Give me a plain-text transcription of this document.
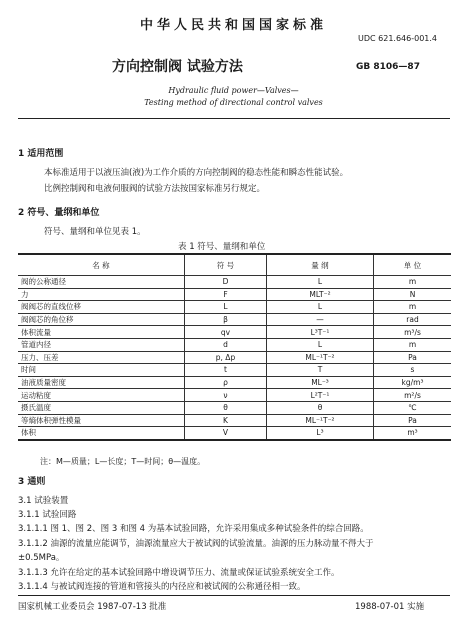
中华人民共和国国家标准
UDC 621.646-001.4
方向控制阀 试验方法	GB 8106—87
Hydraulic fluid power—Valves—
Testing method of directional control valves
1 适用范围
本标准适用于以液压油(液)为工作介质的方向控制阀的稳态性能和瞬态性能试验。
比例控制阀和电液伺服阀的试验方法按国家标准另行规定。
2 符号、量纲和单位
符号、量纲和单位见表 1。
表 1 符号、量纲和单位
名 称	符 号	量 纲	单 位
阀的公称通径	D	L	m
力	F	MLT⁻²	N
阀阀芯的直线位移	L	L	m
阀阀芯的角位移	β	—	rad
体积流量	qv	L³T⁻¹	m³/s
管道内径	d	L	m
压力、压差	p, Δp	ML⁻¹T⁻²	Pa
时间	t	T	s
油液质量密度	ρ	ML⁻³	kg/m³
运动粘度	ν	L²T⁻¹	m²/s
摄氏温度	θ	θ	℃
等熵体积弹性模量	K	ML⁻¹T⁻²	Pa
体积	V	L³	m³
注：M—质量；L—长度；T—时间；θ—温度。
3 通则
3.1 试验装置
3.1.1 试验回路
3.1.1.1 图 1、图 2、图 3 和图 4 为基本试验回路，允许采用集成多种试验条件的综合回路。
3.1.1.2 油源的流量应能调节，油源流量应大于被试阀的试验流量。油源的压力脉动量不得大于
±0.5MPa。
3.1.1.3 允许在给定的基本试验回路中增设调节压力、流量或保证试验系统安全工作。
3.1.1.4 与被试阀连接的管道和管接头的内径应和被试阀的公称通径相一致。
国家机械工业委员会 1987-07-13 批准	1988-07-01 实施
